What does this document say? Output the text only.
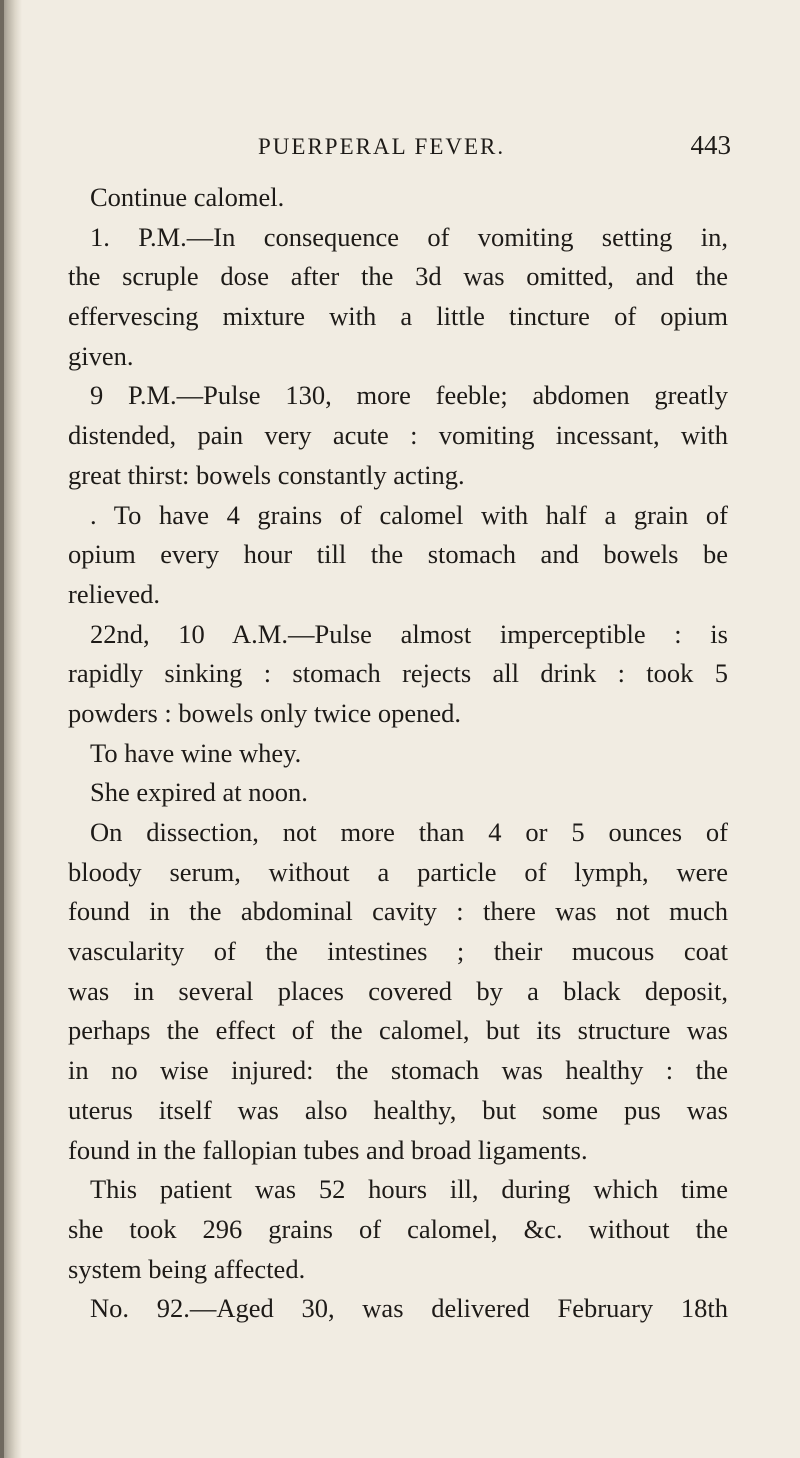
PUERPERAL FEVER.	443
Continue calomel.
1. P.M.—In consequence of vomiting setting in,
the scruple dose after the 3d was omitted, and the
effervescing mixture with a little tincture of opium
given.
9 P.M.—Pulse 130, more feeble; abdomen greatly
distended, pain very acute : vomiting incessant, with
great thirst: bowels constantly acting.
. To have 4 grains of calomel with half a grain of
opium every hour till the stomach and bowels be
relieved.
22nd, 10 A.M.—Pulse almost imperceptible : is
rapidly sinking : stomach rejects all drink : took 5
powders : bowels only twice opened.
To have wine whey.
She expired at noon.
On dissection, not more than 4 or 5 ounces of
bloody serum, without a particle of lymph, were
found in the abdominal cavity : there was not much
vascularity of the intestines ; their mucous coat
was in several places covered by a black deposit,
perhaps the effect of the calomel, but its structure was
in no wise injured: the stomach was healthy : the
uterus itself was also healthy, but some pus was
found in the fallopian tubes and broad ligaments.
This patient was 52 hours ill, during which time
she took 296 grains of calomel, &c. without the
system being affected.
No. 92.—Aged 30, was delivered February 18th
